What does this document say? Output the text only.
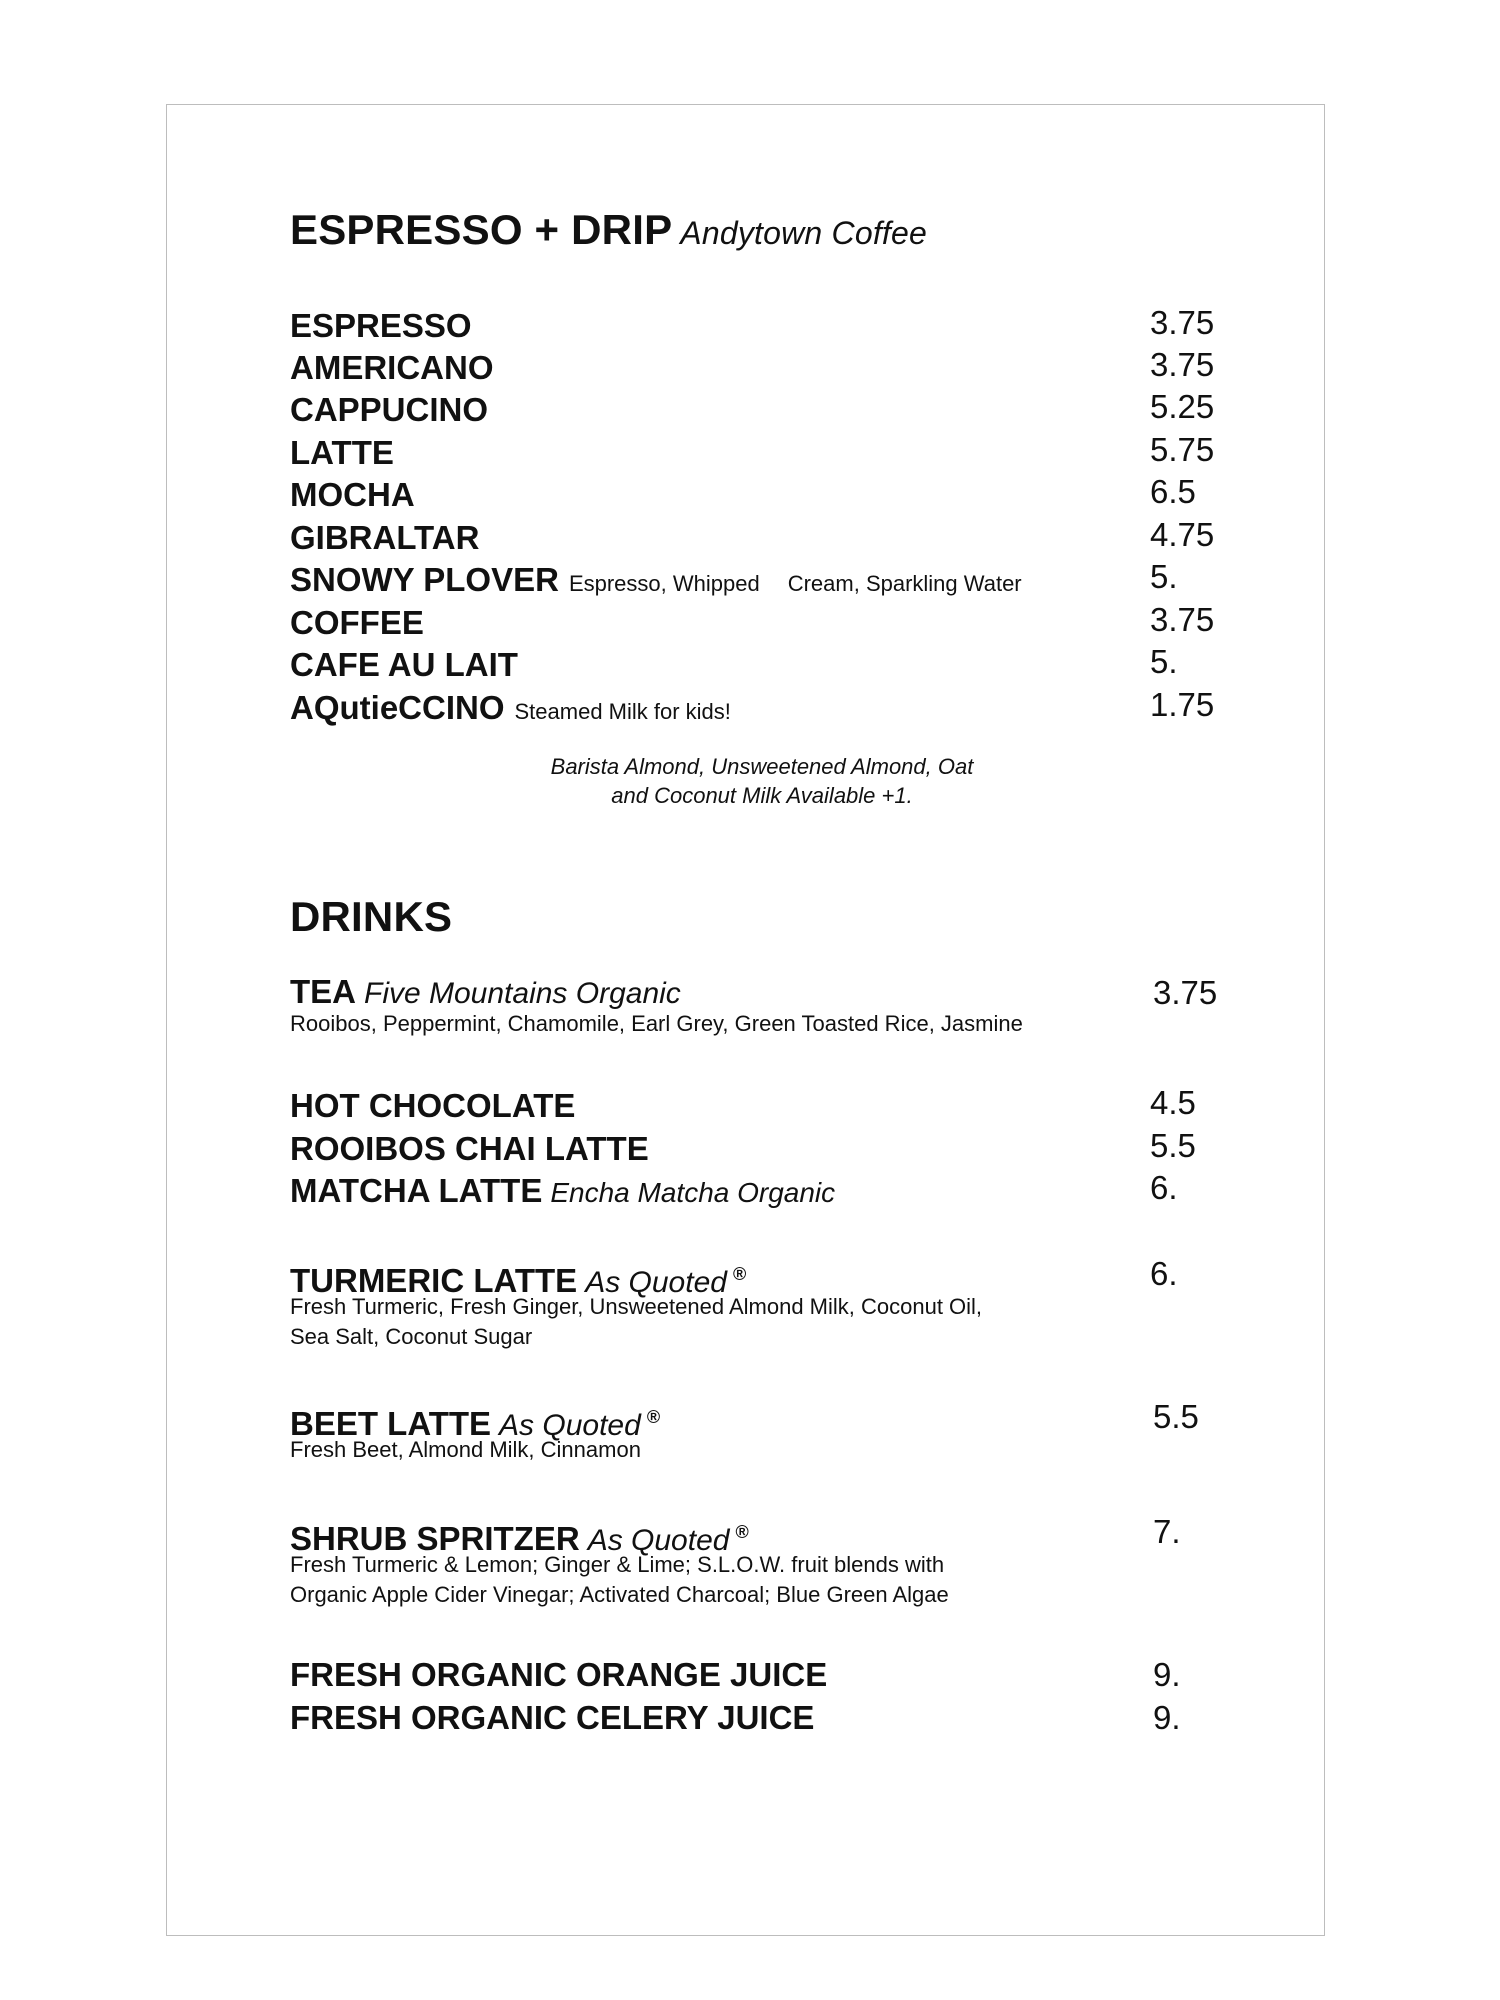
ESPRESSO + DRIP Andytown Coffee
ESPRESSO	3.75
AMERICANO	3.75
CAPPUCINO	5.25
LATTE	5.75
MOCHA	6.5
GIBRALTAR	4.75
SNOWY PLOVER Espresso, Whipped Cream, Sparkling Water	5.
COFFEE	3.75
CAFE AU LAIT	5.
AQutieCCINO Steamed Milk for kids!	1.75
Barista Almond, Unsweetened Almond, Oat
and Coconut Milk Available +1.
DRINKS
TEA Five Mountains Organic
Rooibos, Peppermint, Chamomile, Earl Grey, Green Toasted Rice, Jasmine
3.75
HOT CHOCOLATE	4.5
ROOIBOS CHAI LATTE	5.5
MATCHA LATTE Encha Matcha Organic	6.
TURMERIC LATTE As Quoted ®
Fresh Turmeric, Fresh Ginger, Unsweetened Almond Milk, Coconut Oil,
Sea Salt, Coconut Sugar
6.
BEET LATTE As Quoted ®
Fresh Beet, Almond Milk, Cinnamon
5.5
SHRUB SPRITZER As Quoted ®
Fresh Turmeric & Lemon; Ginger & Lime; S.L.O.W. fruit blends with
Organic Apple Cider Vinegar; Activated Charcoal; Blue Green Algae
7.
FRESH ORGANIC ORANGE JUICE	9.
FRESH ORGANIC CELERY JUICE	9.
